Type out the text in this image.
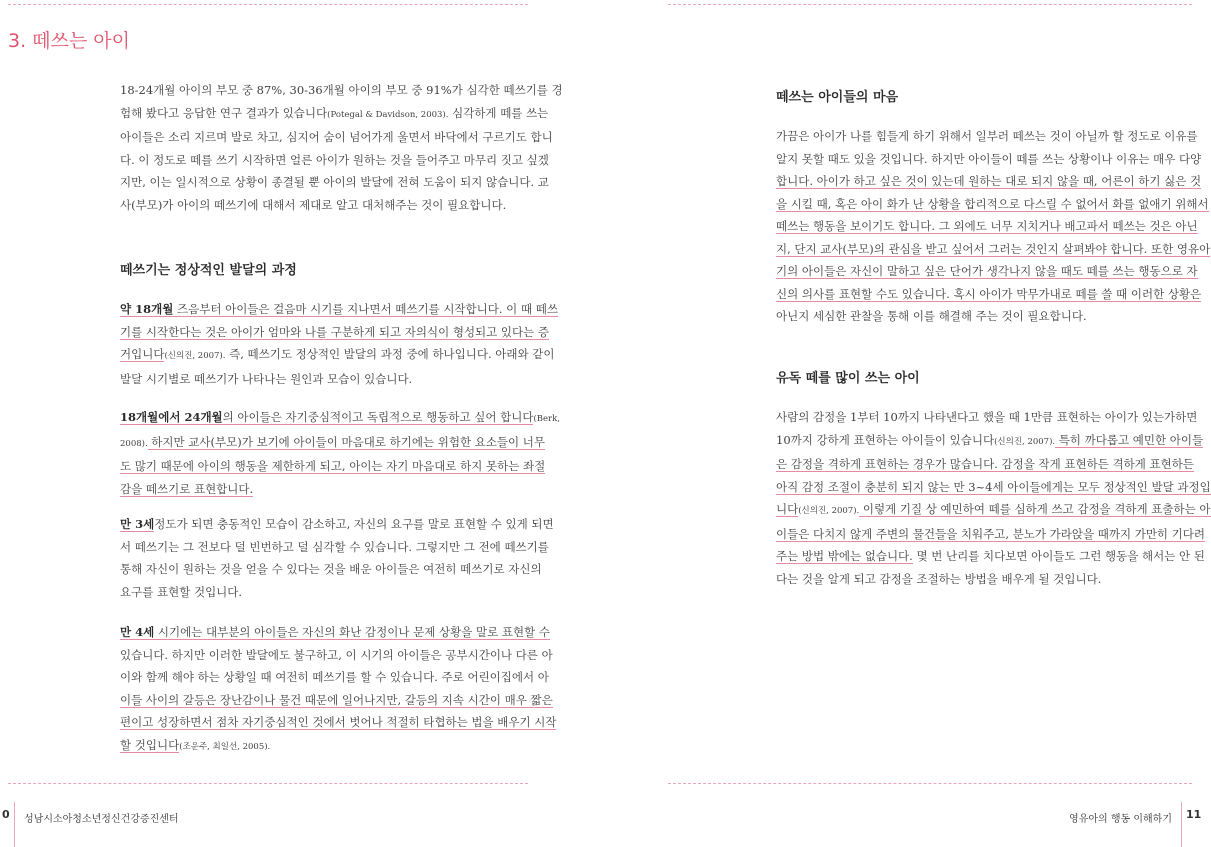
3. 떼쓰는 아이
18-24개월 아이의 부모 중 87%, 30-36개월 아이의 부모 중 91%가 심각한 떼쓰기를 경
험해 봤다고 응답한 연구 결과가 있습니다(Potegal & Davidson, 2003). 심각하게 떼를 쓰는
아이들은 소리 지르며 발로 차고, 심지어 숨이 넘어가게 울면서 바닥에서 구르기도 합니
다. 이 정도로 떼를 쓰기 시작하면 얼른 아이가 원하는 것을 들어주고 마무리 짓고 싶겠
지만, 이는 일시적으로 상황이 종결될 뿐 아이의 발달에 전혀 도움이 되지 않습니다. 교
사(부모)가 아이의 떼쓰기에 대해서 제대로 알고 대처해주는 것이 필요합니다.
떼쓰기는 정상적인 발달의 과정
약 18개월 즈음부터 아이들은 걸음마 시기를 지나면서 떼쓰기를 시작합니다. 이 때 떼쓰
기를 시작한다는 것은 아이가 엄마와 나를 구분하게 되고 자의식이 형성되고 있다는 증
거입니다(신의진, 2007). 즉, 떼쓰기도 정상적인 발달의 과정 중에 하나입니다. 아래와 같이
발달 시기별로 떼쓰기가 나타나는 원인과 모습이 있습니다.
18개월에서 24개월의 아이들은 자기중심적이고 독립적으로 행동하고 싶어 합니다(Berk,
2008). 하지만 교사(부모)가 보기에 아이들이 마음대로 하기에는 위험한 요소들이 너무
도 많기 때문에 아이의 행동을 제한하게 되고, 아이는 자기 마음대로 하지 못하는 좌절
감을 떼쓰기로 표현합니다.
만 3세정도가 되면 충동적인 모습이 감소하고, 자신의 요구를 말로 표현할 수 있게 되면
서 떼쓰기는 그 전보다 덜 빈번하고 덜 심각할 수 있습니다. 그렇지만 그 전에 떼쓰기를
통해 자신이 원하는 것을 얻을 수 있다는 것을 배운 아이들은 여전히 떼쓰기로 자신의
요구를 표현할 것입니다.
만 4세 시기에는 대부분의 아이들은 자신의 화난 감정이나 문제 상황을 말로 표현할 수
있습니다. 하지만 이러한 발달에도 불구하고, 이 시기의 아이들은 공부시간이나 다른 아
이와 함께 해야 하는 상황일 때 여전히 떼쓰기를 할 수 있습니다. 주로 어린이집에서 아
이들 사이의 갈등은 장난감이나 물건 때문에 일어나지만, 갈등의 지속 시간이 매우 짧은
편이고 성장하면서 점차 자기중심적인 것에서 벗어나 적절히 타협하는 법을 배우기 시작
할 것입니다(조운주, 최일선, 2005).
0 성남시소아청소년정신건강증진센터
떼쓰는 아이들의 마음
가끔은 아이가 나를 힘들게 하기 위해서 일부러 떼쓰는 것이 아닐까 할 정도로 이유를
알지 못할 때도 있을 것입니다. 하지만 아이들이 떼를 쓰는 상황이나 이유는 매우 다양
합니다. 아이가 하고 싶은 것이 있는데 원하는 대로 되지 않을 때, 어른이 하기 싫은 것
을 시킬 때, 혹은 아이 화가 난 상황을 합리적으로 다스릴 수 없어서 화를 없애기 위해서
떼쓰는 행동을 보이기도 합니다. 그 외에도 너무 지치거나 배고파서 떼쓰는 것은 아닌
지, 단지 교사(부모)의 관심을 받고 싶어서 그러는 것인지 살펴봐야 합니다. 또한 영유아
기의 아이들은 자신이 말하고 싶은 단어가 생각나지 않을 때도 떼를 쓰는 행동으로 자
신의 의사를 표현할 수도 있습니다. 혹시 아이가 막무가내로 떼를 쓸 때 이러한 상황은
아닌지 세심한 관찰을 통해 이를 해결해 주는 것이 필요합니다.
유독 떼를 많이 쓰는 아이
사람의 감정을 1부터 10까지 나타낸다고 했을 때 1만큼 표현하는 아이가 있는가하면
10까지 강하게 표현하는 아이들이 있습니다(신의진, 2007). 특히 까다롭고 예민한 아이들
은 감정을 격하게 표현하는 경우가 많습니다. 감정을 작게 표현하든 격하게 표현하든
아직 감정 조절이 충분히 되지 않는 만 3~4세 아이들에게는 모두 정상적인 발달 과정입
니다(신의진, 2007). 이렇게 기질 상 예민하여 떼를 심하게 쓰고 감정을 격하게 표출하는 아
이들은 다치지 않게 주변의 물건들을 치워주고, 분노가 가라앉을 때까지 가만히 기다려
주는 방법 밖에는 없습니다. 몇 번 난리를 치다보면 아이들도 그런 행동을 해서는 안 된
다는 것을 알게 되고 감정을 조절하는 방법을 배우게 될 것입니다.
영유아의 행동 이해하기 11
